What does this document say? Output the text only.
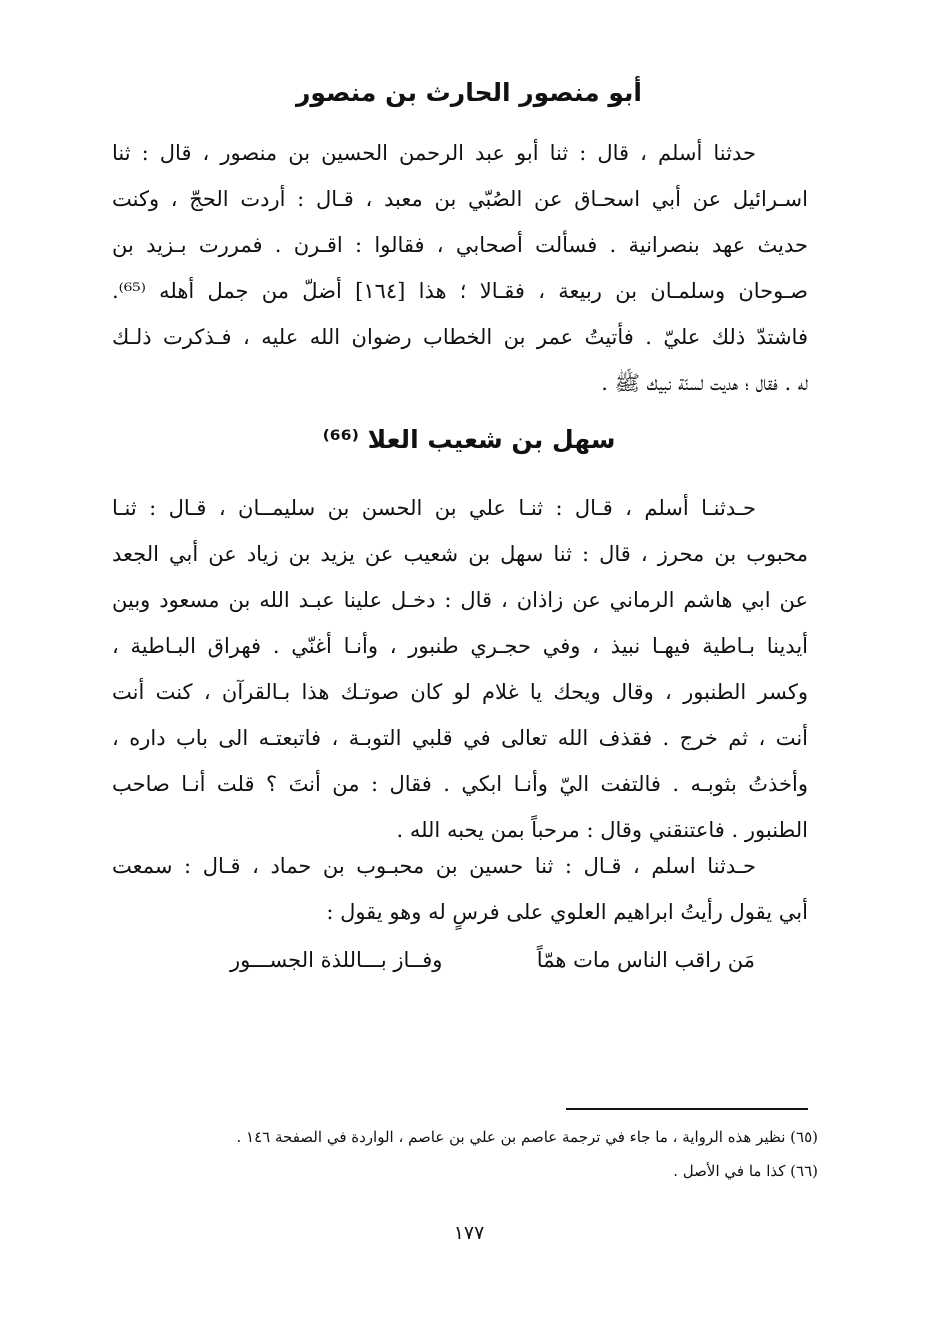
أبو منصور الحارث بن منصور
حدثنا أسلم ، قال : ثنا أبو عبد الرحمن الحسين بن منصور ، قال : ثنا
اسـرائيل عن أبي اسحـاق عن الصُبّي بن معبد ، قـال : أردت الحجّ ، وكنت
حديث عهد بنصرانية . فسألت أصحابي ، فقالوا : اقـرن . فمررت بـزيد بن
صـوحان وسلمـان بن ربيعة ، فقـالا ؛ هذا [١٦٤] أضلّ من جمل أهله ⁽⁶⁵⁾.
فاشتدّ ذلك عليّ . فأتيتُ عمر بن الخطاب رضوان الله عليه ، فـذكرت ذلـك
له . فقال ؛ هديت لسنّة نبيك ﷺ .
سهل بن شعيب العلا ⁽⁶⁶⁾
حـدثنـا أسلم ، قـال : ثنـا علي بن الحسن بن سليمــان ، قـال : ثنـا
محبوب بن محرز ، قال : ثنا سهل بن شعيب عن يزيد بن زياد عن أبي الجعد
عن ابي هاشم الرماني عن زاذان ، قال : دخـل علينا عبـد الله بن مسعود وبين
أيدينا بـاطية فيهـا نبيذ ، وفي حجـري طنبور ، وأنـا أغنّي . فهراق البـاطية ،
وكسر الطنبور ، وقال ويحك يا غلام لو كان صوتـك هذا بـالقرآن ، كنت أنت
أنت ، ثم خرج . فقذف الله تعالى في قلبي التوبـة ، فاتبعتـه الى باب داره ،
وأخذتُ بثوبـه . فالتفت اليّ وأنـا ابكي . فقال : من أنتَ ؟ قلت أنـا صاحب
الطنبور . فاعتنقني وقال : مرحباً بمن يحبه الله .
حـدثنا اسلم ، قـال : ثنا حسين بن محبـوب بن حماد ، قـال : سمعت
أبي يقول رأيتُ ابراهيم العلوي على فرسٍ له وهو يقول :
مَن راقب الناس مات همّاً
وفــاز بـــاللذة الجســـور
(٦٥) نظير هذه الرواية ، ما جاء في ترجمة عاصم بن علي بن عاصم ، الواردة في الصفحة ١٤٦ .
(٦٦) كذا ما في الأصل .
١٧٧
